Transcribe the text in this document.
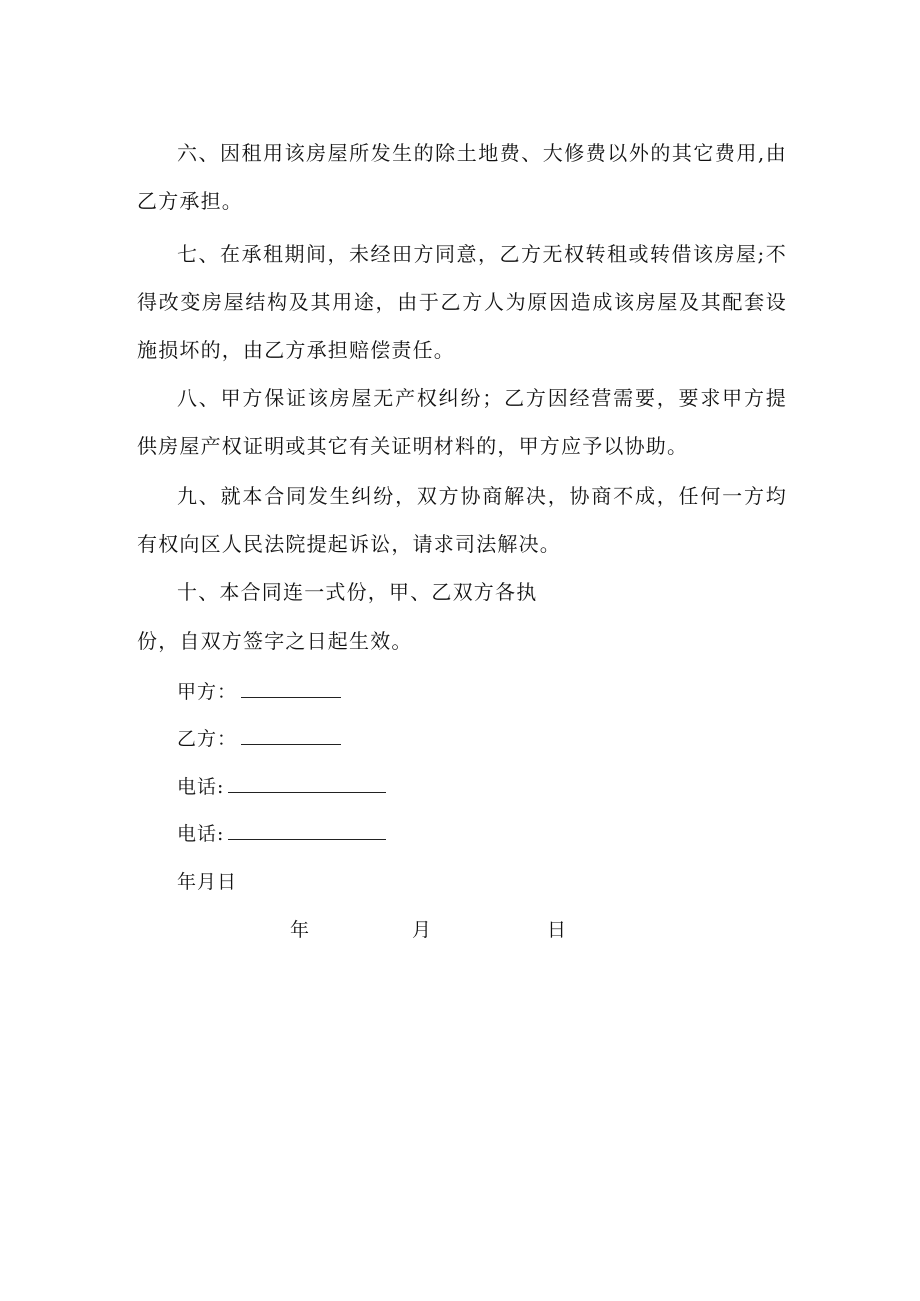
六、因租用该房屋所发生的除土地费、大修费以外的其它费用,由乙方承担。

七、在承租期间，未经田方同意，乙方无权转租或转借该房屋;不得改变房屋结构及其用途，由于乙方人为原因造成该房屋及其配套设施损坏的，由乙方承担赔偿责任。

八、甲方保证该房屋无产权纠纷；乙方因经营需要，要求甲方提供房屋产权证明或其它有关证明材料的，甲方应予以协助。

九、就本合同发生纠纷，双方协商解决，协商不成，任何一方均有权向区人民法院提起诉讼，请求司法解决。

十、本合同连一式份，甲、乙双方各执

份，自双方签字之日起生效。

甲方：
乙方：
电话:
电话:
年月日
年	月	日
